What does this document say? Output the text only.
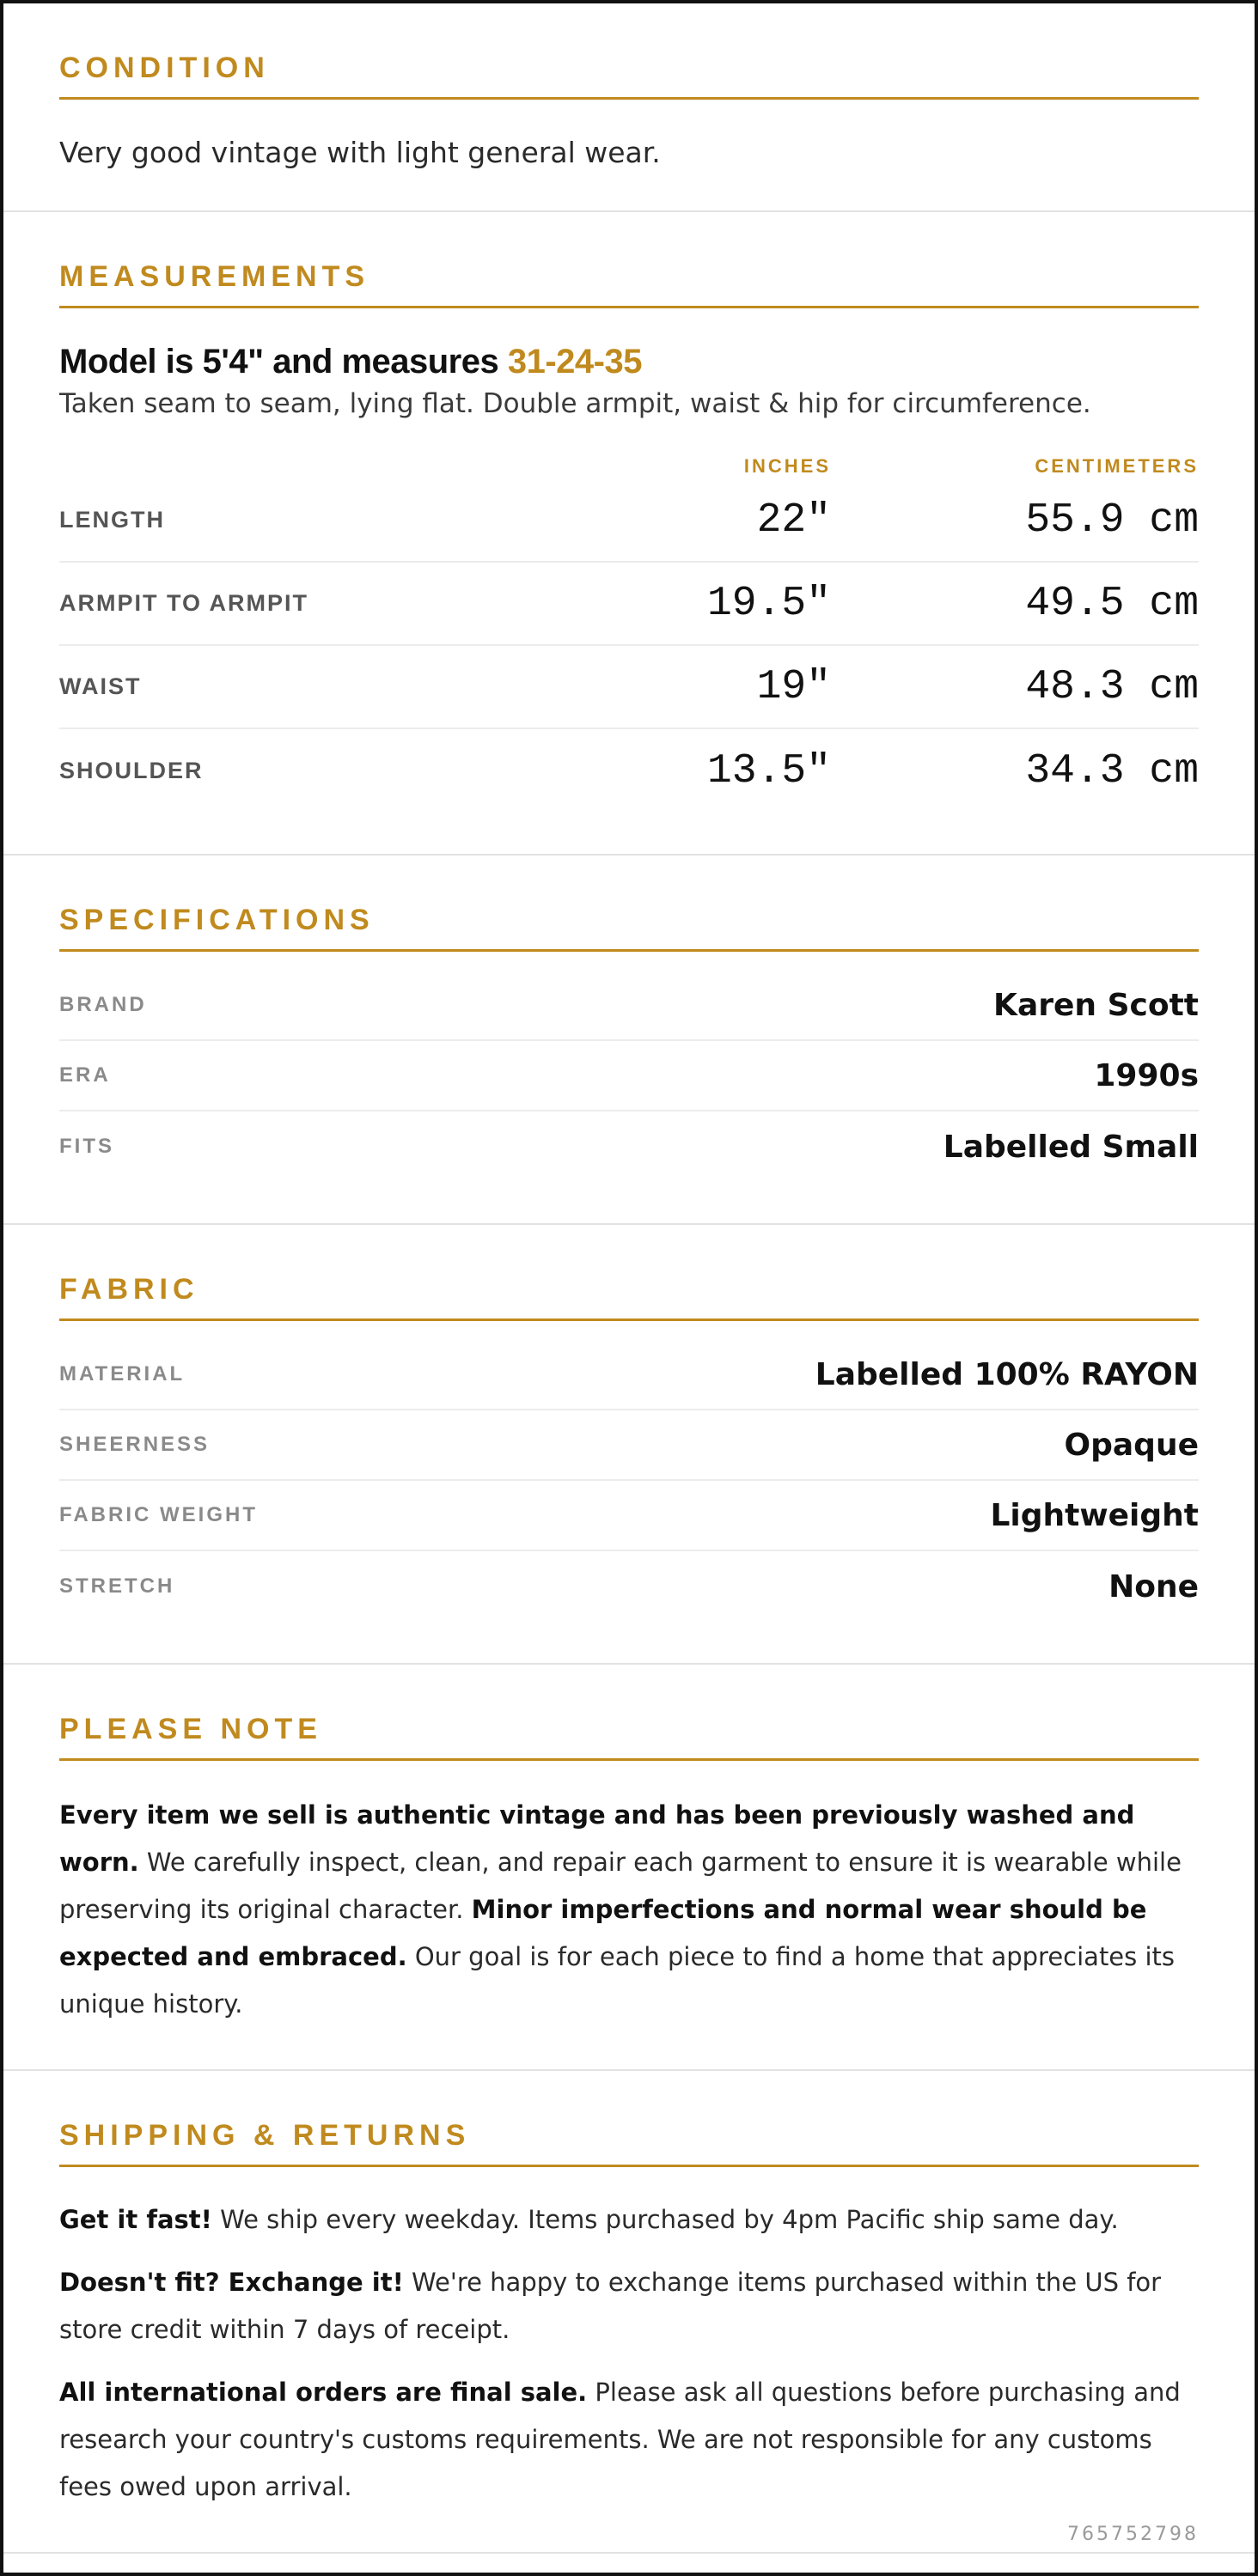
CONDITION
Very good vintage with light general wear.
MEASUREMENTS
Model is 5'4" and measures 31-24-35
Taken seam to seam, lying flat. Double armpit, waist & hip for circumference.
INCHES	CENTIMETERS
LENGTH	22"	55.9 cm
ARMPIT TO ARMPIT	19.5"	49.5 cm
WAIST	19"	48.3 cm
SHOULDER	13.5"	34.3 cm
SPECIFICATIONS
BRAND	Karen Scott
ERA	1990s
FITS	Labelled Small
FABRIC
MATERIAL	Labelled 100% RAYON
SHEERNESS	Opaque
FABRIC WEIGHT	Lightweight
STRETCH	None
PLEASE NOTE
Every item we sell is authentic vintage and has been previously washed and worn. We carefully inspect, clean, and repair each garment to ensure it is wearable while preserving its original character. Minor imperfections and normal wear should be expected and embraced. Our goal is for each piece to find a home that appreciates its unique history.
SHIPPING & RETURNS

Get it fast! We ship every weekday. Items purchased by 4pm Pacific ship same day.

Doesn't fit? Exchange it! We're happy to exchange items purchased within the US for store credit within 7 days of receipt.

All international orders are final sale. Please ask all questions before purchasing and research your country's customs requirements. We are not responsible for any customs fees owed upon arrival.

765752798
